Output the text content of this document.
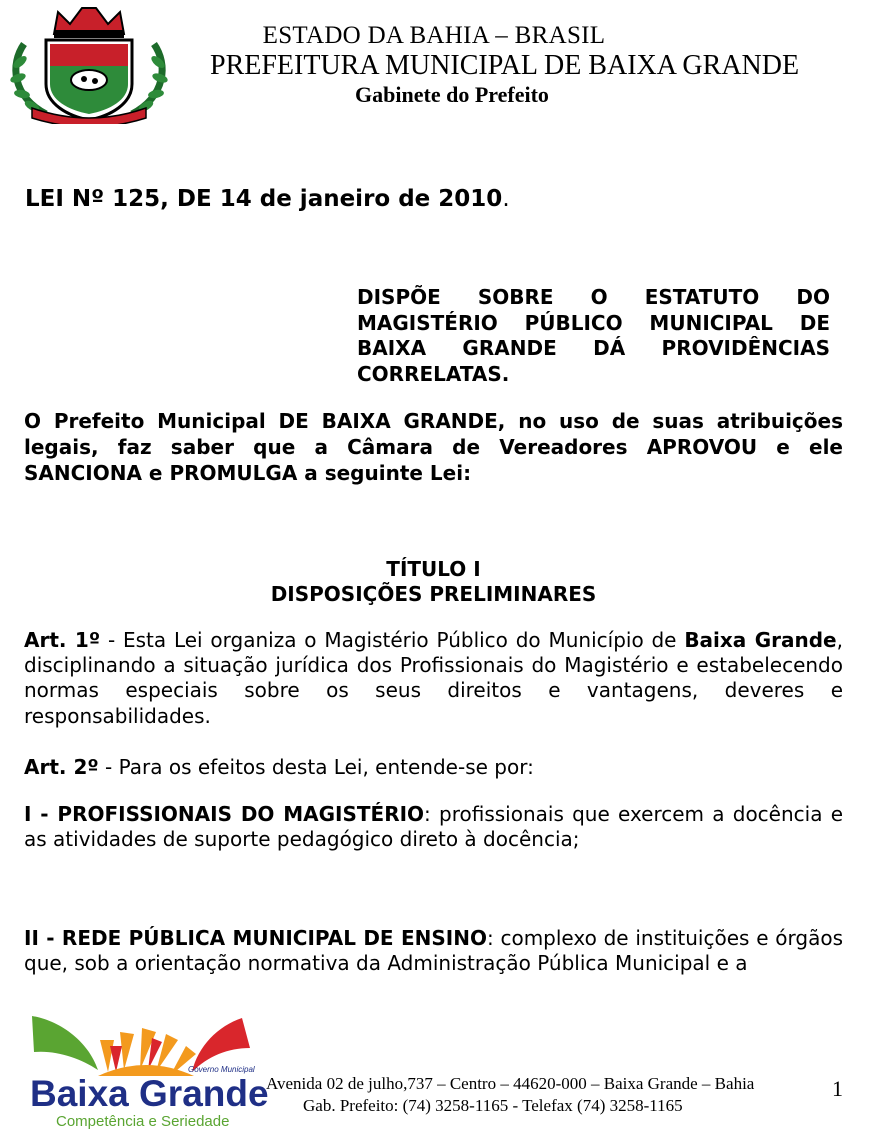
ESTADO DA BAHIA – BRASIL
PREFEITURA MUNICIPAL DE BAIXA GRANDE
Gabinete do Prefeito
LEI Nº 125, DE 14 de janeiro de 2010.
DISPÕE SOBRE O ESTATUTO DO MAGISTÉRIO PÚBLICO MUNICIPAL DE BAIXA GRANDE DÁ PROVIDÊNCIAS CORRELATAS.
O Prefeito Municipal DE BAIXA GRANDE, no uso de suas atribuições legais, faz saber que a Câmara de Vereadores APROVOU e ele SANCIONA e PROMULGA a seguinte Lei:
TÍTULO I
DISPOSIÇÕES PRELIMINARES
Art. 1º - Esta Lei organiza o Magistério Público do Município de Baixa Grande, disciplinando a situação jurídica dos Profissionais do Magistério e estabelecendo normas especiais sobre os seus direitos e vantagens, deveres e responsabilidades.
Art. 2º - Para os efeitos desta Lei, entende-se por:
I - PROFISSIONAIS DO MAGISTÉRIO: profissionais que exercem a docência e as atividades de suporte pedagógico direto à docência;
II - REDE PÚBLICA MUNICIPAL DE ENSINO: complexo de instituições e órgãos que, sob a orientação normativa da Administração Pública Municipal e a
Governo Municipal
Baixa Grande
Competência e Seriedade
Avenida 02 de julho,737 – Centro – 44620-000 – Baixa Grande – Bahia
Gab. Prefeito: (74) 3258-1165 - Telefax (74) 3258-1165
1
